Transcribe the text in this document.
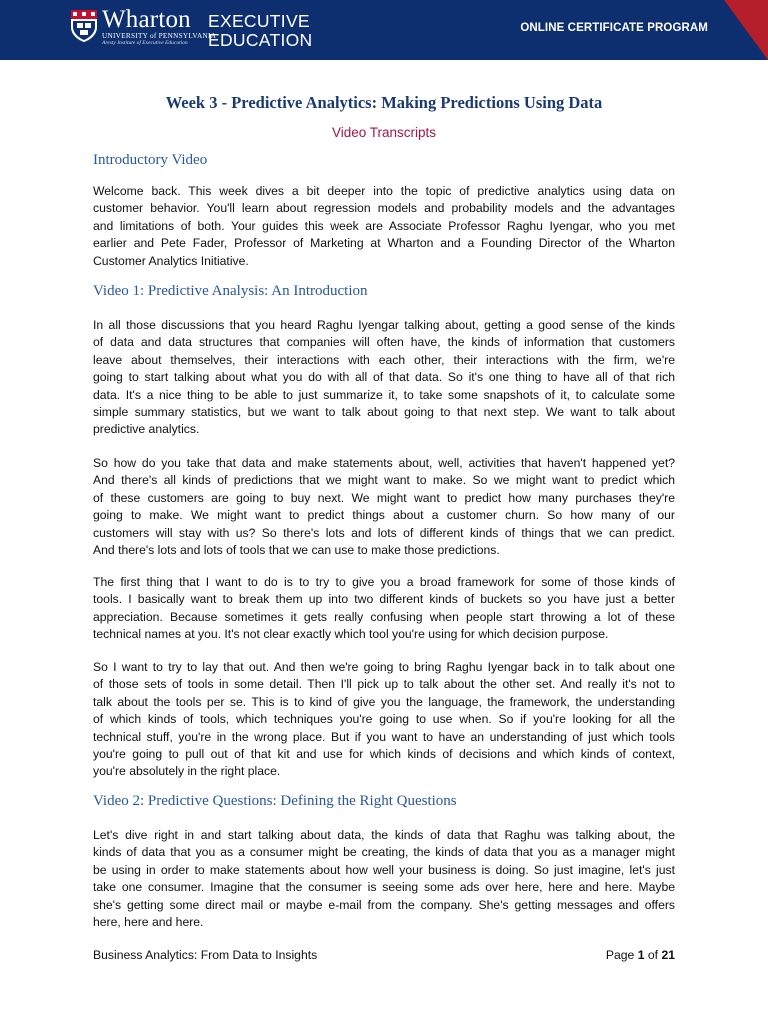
Wharton
UNIVERSITY of PENNSYLVANIA
Aresty Institute of Executive Education
EXECUTIVE
EDUCATION
ONLINE CERTIFICATE PROGRAM
Week 3 - Predictive Analytics: Making Predictions Using Data
Video Transcripts
Introductory Video
Welcome back. This week dives a bit deeper into the topic of predictive analytics using data on
customer behavior. You'll learn about regression models and probability models and the advantages
and limitations of both. Your guides this week are Associate Professor Raghu Iyengar, who you met
earlier and Pete Fader, Professor of Marketing at Wharton and a Founding Director of the Wharton
Customer Analytics Initiative.
Video 1: Predictive Analysis: An Introduction
In all those discussions that you heard Raghu Iyengar talking about, getting a good sense of the kinds
of data and data structures that companies will often have, the kinds of information that customers
leave about themselves, their interactions with each other, their interactions with the firm, we're
going to start talking about what you do with all of that data. So it's one thing to have all of that rich
data. It's a nice thing to be able to just summarize it, to take some snapshots of it, to calculate some
simple summary statistics, but we want to talk about going to that next step. We want to talk about
predictive analytics.
So how do you take that data and make statements about, well, activities that haven't happened yet?
And there's all kinds of predictions that we might want to make. So we might want to predict which
of these customers are going to buy next. We might want to predict how many purchases they're
going to make. We might want to predict things about a customer churn. So how many of our
customers will stay with us? So there's lots and lots of different kinds of things that we can predict.
And there's lots and lots of tools that we can use to make those predictions.
The first thing that I want to do is to try to give you a broad framework for some of those kinds of
tools. I basically want to break them up into two different kinds of buckets so you have just a better
appreciation. Because sometimes it gets really confusing when people start throwing a lot of these
technical names at you. It's not clear exactly which tool you're using for which decision purpose.
So I want to try to lay that out. And then we're going to bring Raghu Iyengar back in to talk about one
of those sets of tools in some detail. Then I'll pick up to talk about the other set. And really it's not to
talk about the tools per se. This is to kind of give you the language, the framework, the understanding
of which kinds of tools, which techniques you're going to use when. So if you're looking for all the
technical stuff, you're in the wrong place. But if you want to have an understanding of just which tools
you're going to pull out of that kit and use for which kinds of decisions and which kinds of context,
you're absolutely in the right place.
Video 2: Predictive Questions: Defining the Right Questions
Let's dive right in and start talking about data, the kinds of data that Raghu was talking about, the
kinds of data that you as a consumer might be creating, the kinds of data that you as a manager might
be using in order to make statements about how well your business is doing. So just imagine, let's just
take one consumer. Imagine that the consumer is seeing some ads over here, here and here. Maybe
she's getting some direct mail or maybe e-mail from the company. She's getting messages and offers
here, here and here.
Business Analytics: From Data to Insights	Page 1 of 21
